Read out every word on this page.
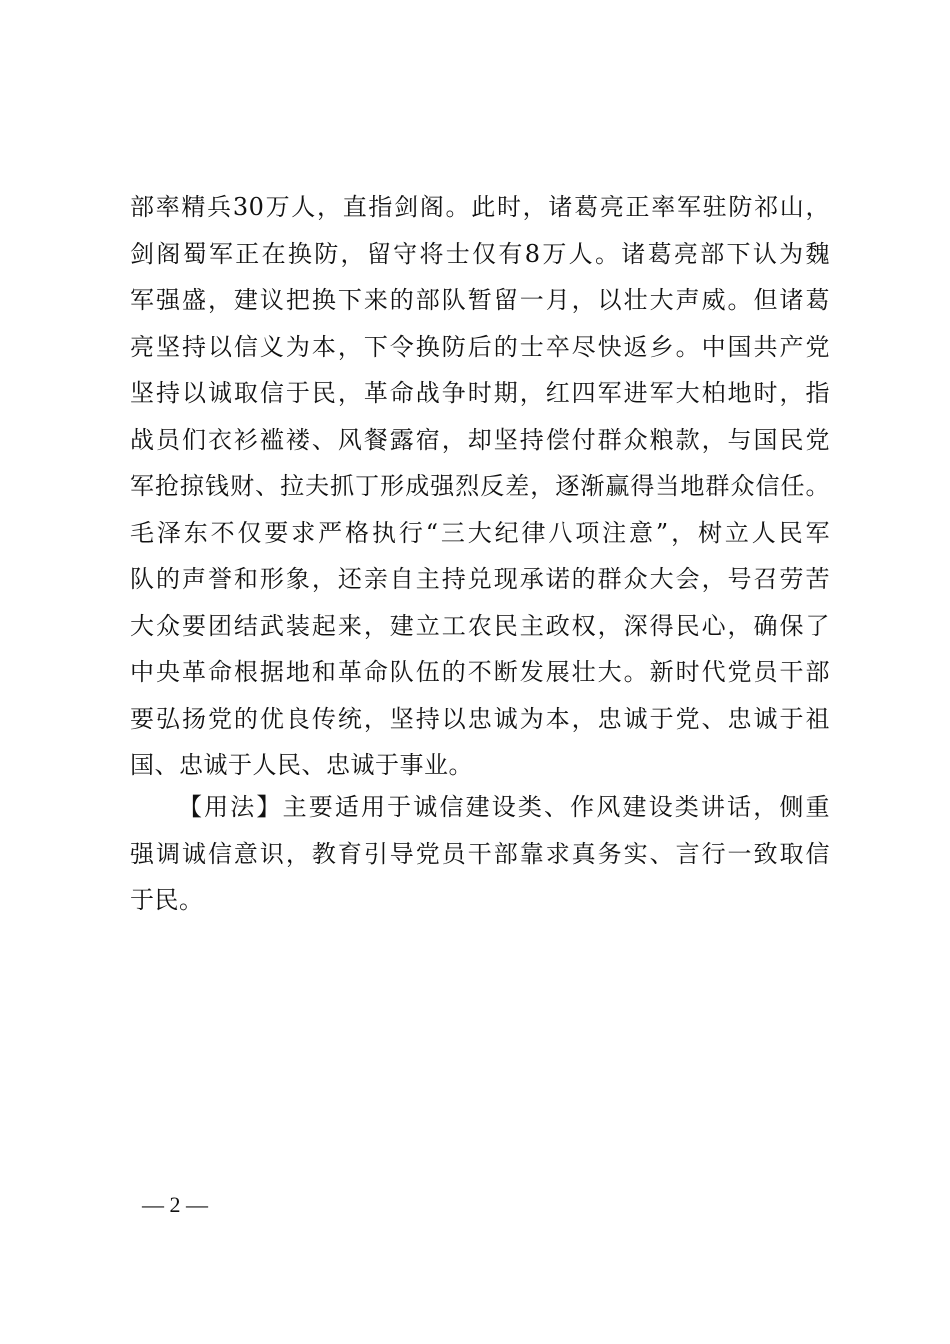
部率精兵30万人，直指剑阁。此时，诸葛亮正率军驻防祁山，
剑阁蜀军正在换防，留守将士仅有8万人。诸葛亮部下认为魏
军强盛，建议把换下来的部队暂留一月，以壮大声威。但诸葛
亮坚持以信义为本，下令换防后的士卒尽快返乡。中国共产党
坚持以诚取信于民，革命战争时期，红四军进军大柏地时，指
战员们衣衫褴褛、风餐露宿，却坚持偿付群众粮款，与国民党
军抢掠钱财、拉夫抓丁形成强烈反差，逐渐赢得当地群众信任。
毛泽东不仅要求严格执行“三大纪律八项注意”，树立人民军
队的声誉和形象，还亲自主持兑现承诺的群众大会，号召劳苦
大众要团结武装起来，建立工农民主政权，深得民心，确保了
中央革命根据地和革命队伍的不断发展壮大。新时代党员干部
要弘扬党的优良传统，坚持以忠诚为本，忠诚于党、忠诚于祖
国、忠诚于人民、忠诚于事业。
【用法】主要适用于诚信建设类、作风建设类讲话，侧重
强调诚信意识，教育引导党员干部靠求真务实、言行一致取信
于民。
— 2 —
